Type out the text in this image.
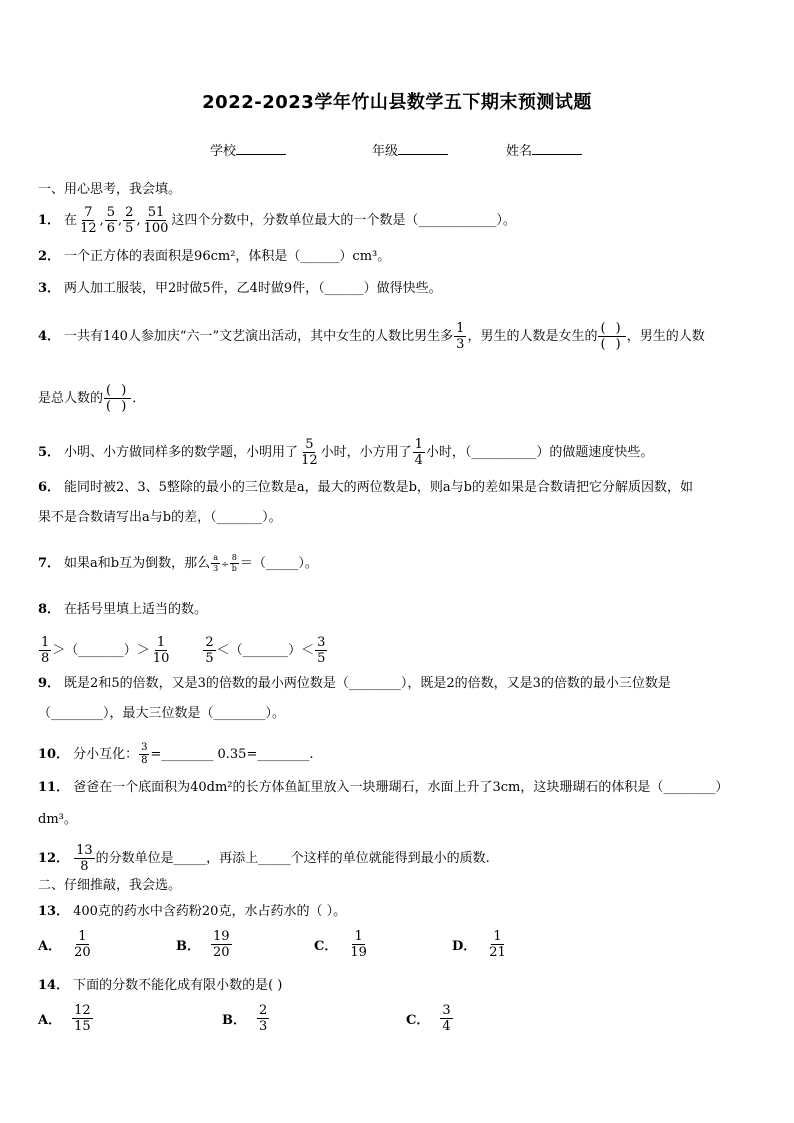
2022-2023学年竹山县数学五下期末预测试题
学校	年级	姓名
一、用心思考，我会填。
1． 在 $\frac{7}{12}$ , $\frac{5}{6}$ , $\frac{2}{5}$ , $\frac{51}{100}$ 这四个分数中，分数单位最大的一个数是（____________）。
2． 一个正方体的表面积是96cm²，体积是（______）cm³。
3． 两人加工服装，甲2时做5件，乙4时做9件，（______）做得快些。
4． 一共有140人参加庆“六一”文艺演出活动，其中女生的人数比男生多 $\frac{1}{3}$ ，男生的人数是女生的 $\frac{( )}{( )}$ ，男生的人数
是总人数的 $\frac{( )}{( )}$ ．
5． 小明、小方做同样多的数学题，小明用了 $\frac{5}{12}$ 小时，小方用了 $\frac{1}{4}$ 小时，（__________）的做题速度快些。
6． 能同时被2、3、5整除的最小的三位数是a，最大的两位数是b，则a与b的差如果是合数请把它分解质因数，如
果不是合数请写出a与b的差，（_______）。
7． 如果a和b互为倒数，那么 $\frac{a}{3} \div \frac{8}{b}$ ＝（_____）。
8． 在括号里填上适当的数。
$\frac{1}{8}$ ＞（_______）＞ $\frac{1}{10} \frac{2}{5}$ ＜（_______）＜ $\frac{3}{5}$
9． 既是2和5的倍数，又是3的倍数的最小两位数是（________），既是2的倍数，又是3的倍数的最小三位数是
（________），最大三位数是（________）。
10． 分小互化： $\frac{3}{8}$ =________ 0.35=________.
11． 爸爸在一个底面积为40dm²的长方体鱼缸里放入一块珊瑚石，水面上升了3cm，这块珊瑚石的体积是（________）
dm³。
12． $\frac{13}{8}$ 的分数单位是_____，再添上_____个这样的单位就能得到最小的质数.
二、仔细推敲，我会选。
13． 400克的药水中含药粉20克，水占药水的（ ）。
A． $\frac{1}{20}$	B． $\frac{19}{20}$	C． $\frac{1}{19}$	D． $\frac{1}{21}$
14． 下面的分数不能化成有限小数的是( )
A． $\frac{12}{15}$	B． $\frac{2}{3}$	C． $\frac{3}{4}$
